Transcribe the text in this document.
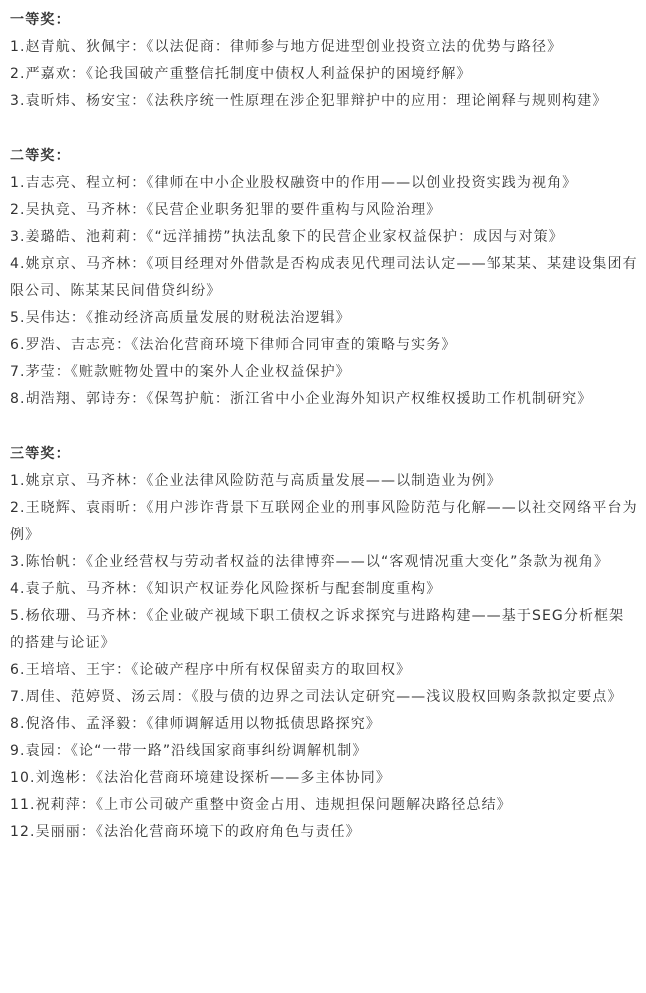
一等奖：
1.赵青航、狄佩宇：《以法促商：律师参与地方促进型创业投资立法的优势与路径》
2.严嘉欢：《论我国破产重整信托制度中债权人利益保护的困境纾解》
3.袁昕炜、杨安宝：《法秩序统一性原理在涉企犯罪辩护中的应用：理论阐释与规则构建》
二等奖：
1.吉志亮、程立柯：《律师在中小企业股权融资中的作用——以创业投资实践为视角》
2.吴执竞、马齐林：《民营企业职务犯罪的要件重构与风险治理》
3.姜璐皓、池莉莉：《“远洋捕捞”执法乱象下的民营企业家权益保护：成因与对策》
4.姚京京、马齐林：《项目经理对外借款是否构成表见代理司法认定——邹某某、某建设集团有限公司、陈某某民间借贷纠纷》
5.吴伟达：《推动经济高质量发展的财税法治逻辑》
6.罗浩、吉志亮：《法治化营商环境下律师合同审查的策略与实务》
7.茅莹：《赃款赃物处置中的案外人企业权益保护》
8.胡浩翔、郭诗夯：《保驾护航：浙江省中小企业海外知识产权维权援助工作机制研究》
三等奖：
1.姚京京、马齐林：《企业法律风险防范与高质量发展——以制造业为例》
2.王晓辉、袁雨昕：《用户涉诈背景下互联网企业的刑事风险防范与化解——以社交网络平台为例》
3.陈怡帆：《企业经营权与劳动者权益的法律博弈——以“客观情况重大变化”条款为视角》
4.袁子航、马齐林：《知识产权证券化风险探析与配套制度重构》
5.杨依珊、马齐林：《企业破产视域下职工债权之诉求探究与进路构建——基于SEG分析框架的搭建与论证》
6.王培培、王宇：《论破产程序中所有权保留卖方的取回权》
7.周佳、范婷贤、汤云周：《股与债的边界之司法认定研究——浅议股权回购条款拟定要点》
8.倪洛伟、孟泽毅：《律师调解适用以物抵债思路探究》
9.袁园：《论“一带一路”沿线国家商事纠纷调解机制》
10.刘逸彬：《法治化营商环境建设探析——多主体协同》
11.祝莉萍：《上市公司破产重整中资金占用、违规担保问题解决路径总结》
12.吴丽丽：《法治化营商环境下的政府角色与责任》
